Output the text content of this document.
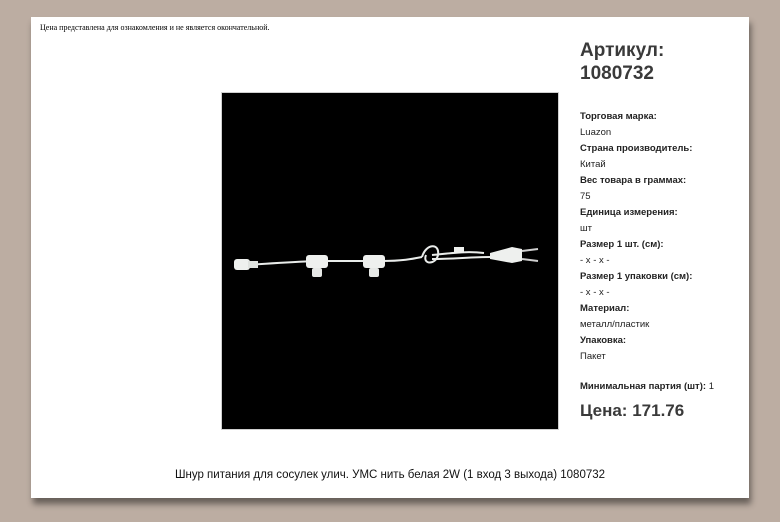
Цена представлена для ознакомления и не является окончательной.
Артикул:
1080732
Торговая марка:
Luazon
Страна производитель:
Китай
Вес товара в граммах:
75
Единица измерения:
шт
Размер 1 шт. (см):
- x - x -
Размер 1 упаковки (см):
- x - x -
Материал:
металл/пластик
Упаковка:
Пакет
Минимальная партия (шт): 1
Цена: 171.76
Шнур питания для сосулек улич. УМС нить белая 2W (1 вход 3 выхода) 1080732
